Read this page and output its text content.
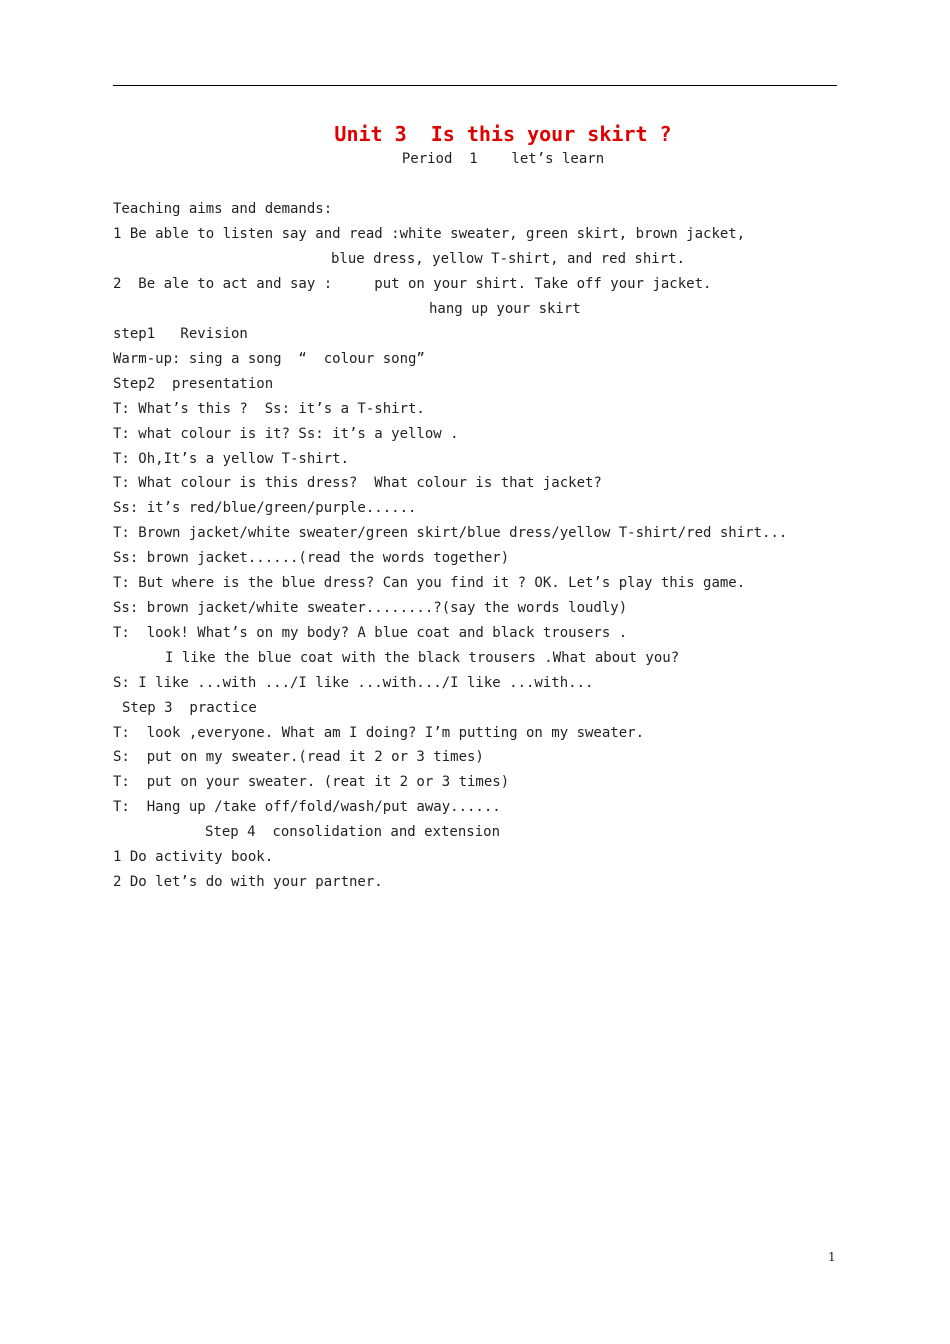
Unit 3  Is this your skirt ?
Period  1    let’s learn

Teaching aims and demands:

1 Be able to listen say and read :white sweater, green skirt, brown jacket,

blue dress, yellow T-shirt, and red shirt.

2  Be ale to act and say :     put on your shirt. Take off your jacket.

hang up your skirt

step1   Revision

Warm-up: sing a song  “  colour song”

Step2  presentation

T: What’s this ?  Ss: it’s a T-shirt.

T: what colour is it? Ss: it’s a yellow .

T: Oh,It’s a yellow T-shirt.

T: What colour is this dress?  What colour is that jacket?

Ss: it’s red/blue/green/purple......

T: Brown jacket/white sweater/green skirt/blue dress/yellow T-shirt/red shirt...

Ss: brown jacket......(read the words together)

T: But where is the blue dress? Can you find it ? OK. Let’s play this game.

Ss: brown jacket/white sweater........?(say the words loudly)

T:  look! What’s on my body? A blue coat and black trousers .

I like the blue coat with the black trousers .What about you?

S: I like ...with .../I like ...with.../I like ...with...

Step 3  practice

T:  look ,everyone. What am I doing? I’m putting on my sweater.

S:  put on my sweater.(read it 2 or 3 times)

T:  put on your sweater. (reat it 2 or 3 times)

T:  Hang up /take off/fold/wash/put away......

Step 4  consolidation and extension

1 Do activity book.

2 Do let’s do with your partner.

1
